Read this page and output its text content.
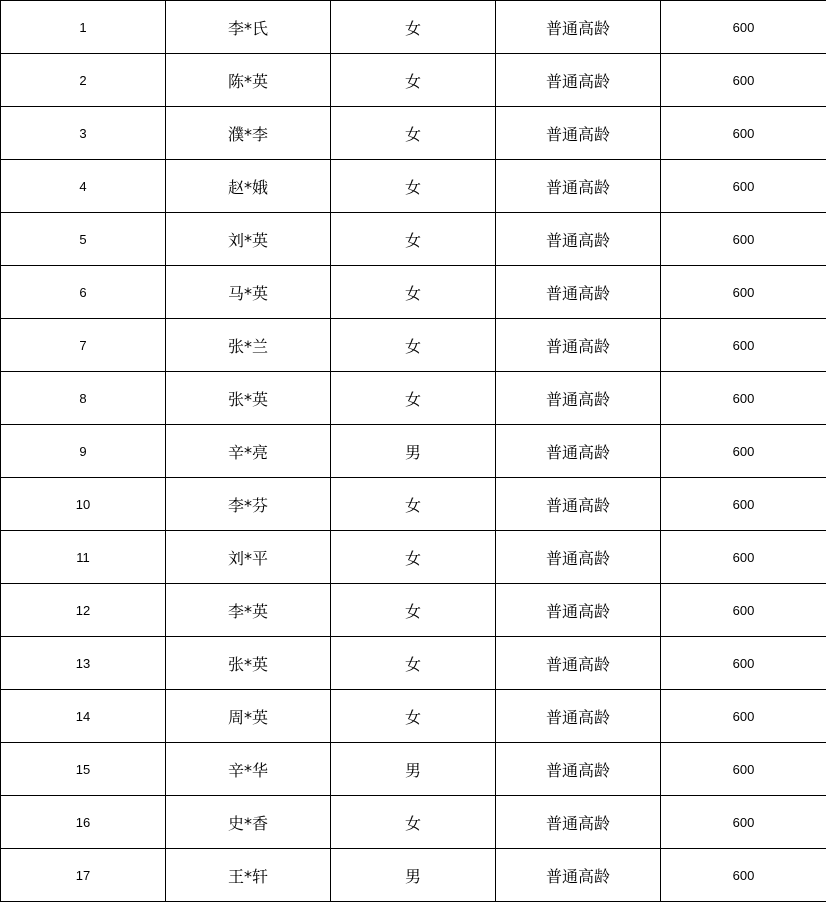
1	李*氏	女	普通高龄	600
2	陈*英	女	普通高龄	600
3	濮*李	女	普通高龄	600
4	赵*娥	女	普通高龄	600
5	刘*英	女	普通高龄	600
6	马*英	女	普通高龄	600
7	张*兰	女	普通高龄	600
8	张*英	女	普通高龄	600
9	辛*亮	男	普通高龄	600
10	李*芬	女	普通高龄	600
11	刘*平	女	普通高龄	600
12	李*英	女	普通高龄	600
13	张*英	女	普通高龄	600
14	周*英	女	普通高龄	600
15	辛*华	男	普通高龄	600
16	史*香	女	普通高龄	600
17	王*轩	男	普通高龄	600
